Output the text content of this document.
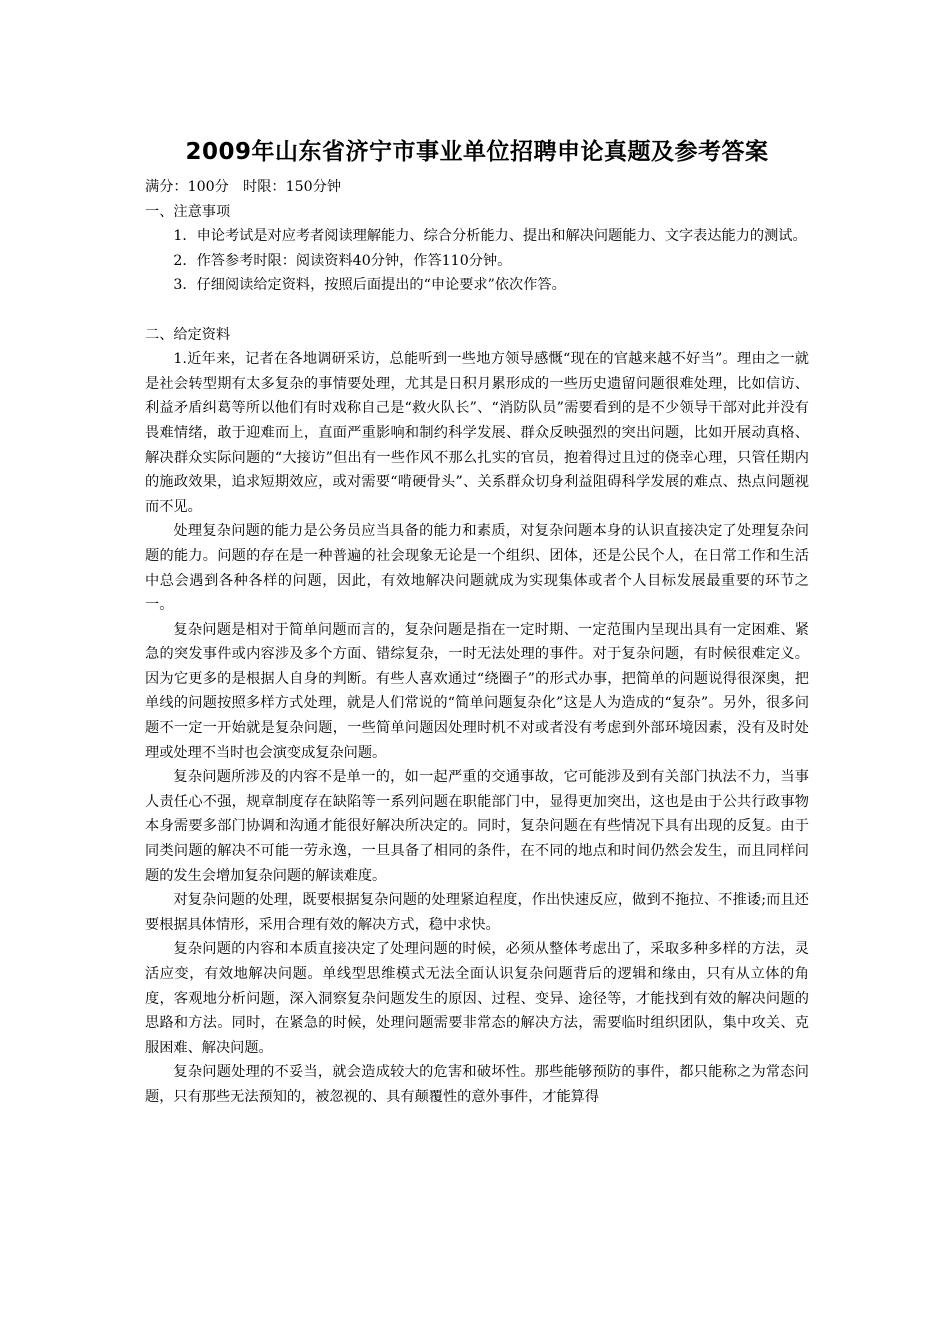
2009年山东省济宁市事业单位招聘申论真题及参考答案

满分：100分　时限：150分钟

一、注意事项

1．申论考试是对应考者阅读理解能力、综合分析能力、提出和解决问题能力、文字表达能力的测试。

2．作答参考时限：阅读资料40分钟，作答110分钟。

3．仔细阅读给定资料，按照后面提出的“申论要求”依次作答。

二、给定资料

1.近年来，记者在各地调研采访，总能听到一些地方领导感慨“现在的官越来越不好当”。理由之一就是社会转型期有太多复杂的事情要处理，尤其是日积月累形成的一些历史遗留问题很难处理，比如信访、利益矛盾纠葛等所以他们有时戏称自己是“救火队长”、“消防队员”需要看到的是不少领导干部对此并没有畏难情绪，敢于迎难而上，直面严重影响和制约科学发展、群众反映强烈的突出问题，比如开展动真格、解决群众实际问题的“大接访”但出有一些作风不那么扎实的官员，抱着得过且过的侥幸心理，只管任期内的施政效果，追求短期效应，或对需要“啃硬骨头”、关系群众切身利益阻碍科学发展的难点、热点问题视而不见。

处理复杂问题的能力是公务员应当具备的能力和素质，对复杂问题本身的认识直接决定了处理复杂问题的能力。问题的存在是一种普遍的社会现象无论是一个组织、团体，还是公民个人，在日常工作和生活中总会遇到各种各样的问题，因此，有效地解决问题就成为实现集体或者个人目标发展最重要的环节之一。

复杂问题是相对于简单问题而言的，复杂问题是指在一定时期、一定范围内呈现出具有一定困难、紧急的突发事件或内容涉及多个方面、错综复杂，一时无法处理的事件。对于复杂问题，有时候很难定义。因为它更多的是根据人自身的判断。有些人喜欢通过“绕圈子”的形式办事，把简单的问题说得很深奥，把单线的问题按照多样方式处理，就是人们常说的“简单问题复杂化”这是人为造成的“复杂”。另外，很多问题不一定一开始就是复杂问题，一些简单问题因处理时机不对或者没有考虑到外部环境因素，没有及时处理或处理不当时也会演变成复杂问题。

复杂问题所涉及的内容不是单一的，如一起严重的交通事故，它可能涉及到有关部门执法不力，当事人责任心不强，规章制度存在缺陷等一系列问题在职能部门中，显得更加突出，这也是由于公共行政事物本身需要多部门协调和沟通才能很好解决所决定的。同时，复杂问题在有些情况下具有出现的反复。由于同类问题的解决不可能一劳永逸，一旦具备了相同的条件，在不同的地点和时间仍然会发生，而且同样问题的发生会增加复杂问题的解读难度。

对复杂问题的处理，既要根据复杂问题的处理紧迫程度，作出快速反应，做到不拖拉、不推诿;而且还要根据具体情形，采用合理有效的解决方式，稳中求快。

复杂问题的内容和本质直接决定了处理问题的时候，必须从整体考虑出了，采取多种多样的方法，灵活应变，有效地解决问题。单线型思维模式无法全面认识复杂问题背后的逻辑和缘由，只有从立体的角度，客观地分析问题，深入洞察复杂问题发生的原因、过程、变异、途径等，才能找到有效的解决问题的思路和方法。同时，在紧急的时候，处理问题需要非常态的解决方法，需要临时组织团队，集中攻关、克服困难、解决问题。

复杂问题处理的不妥当，就会造成较大的危害和破坏性。那些能够预防的事件，都只能称之为常态问题，只有那些无法预知的，被忽视的、具有颠覆性的意外事件，才能算得
